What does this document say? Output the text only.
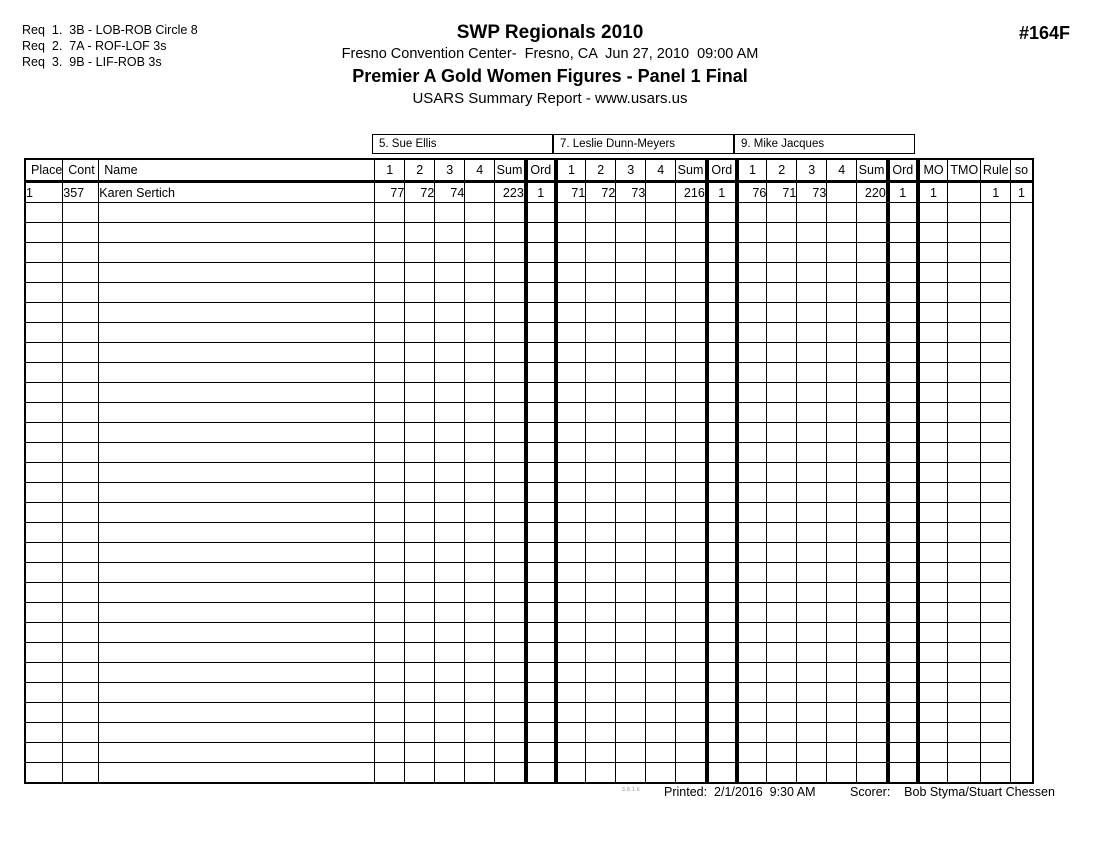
Req  1.  3B - LOB-ROB Circle 8
Req  2.  7A - ROF-LOF 3s
Req  3.  9B - LIF-ROB 3s
SWP Regionals 2010
Fresno Convention Center-  Fresno, CA  Jun 27, 2010  09:00 AM
Premier A Gold Women Figures - Panel 1 Final
USARS Summary Report - www.usars.us
#164F
5. Sue Ellis	7. Leslie Dunn-Meyers	9. Mike Jacques
Place	Cont	Name	1	2	3	4	Sum	Ord	1	2	3	4	Sum	Ord	1	2	3	4	Sum	Ord	MO	TMO	Rule	so
1	357	Karen Sertich	77	72	74		223	1	71	72	73		216	1	76	71	73		220	1	1		1	1

3.8.1.6 Printed:  2/1/2016  9:30 AM	Scorer:    Bob Styma/Stuart Chessen
